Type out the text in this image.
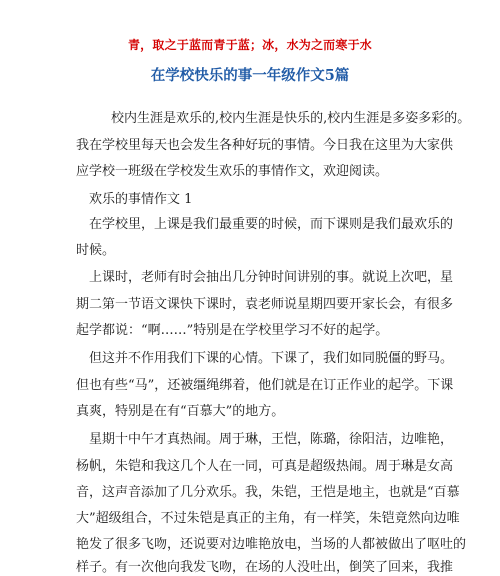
青，取之于蓝而青于蓝；冰，水为之而寒于水
在学校快乐的事一年级作文5篇
校内生涯是欢乐的,校内生涯是快乐的,校内生涯是多姿多彩的。
我在学校里每天也会发生各种好玩的事情。今日我在这里为大家供
应学校一班级在学校发生欢乐的事情作文，欢迎阅读。
欢乐的事情作文 1
在学校里，上课是我们最重要的时候，而下课则是我们最欢乐的
时候。
上课时，老师有时会抽出几分钟时间讲别的事。就说上次吧，星
期二第一节语文课快下课时，袁老师说星期四要开家长会，有很多
起学都说：“啊……”特别是在学校里学习不好的起学。
但这并不作用我们下课的心情。下课了，我们如同脱僵的野马。
但也有些“马”，还被缰绳绑着，他们就是在订正作业的起学。下课
真爽，特别是在有“百慕大”的地方。
星期十中午才真热闹。周于琳，王恺，陈璐，徐阳洁，边唯艳，
杨帆，朱铠和我这几个人在一同，可真是超级热闹。周于琳是女高
音，这声音添加了几分欢乐。我，朱铠，王恺是地主，也就是“百慕
大”超级组合，不过朱铠是真正的主角，有一样笑，朱铠竟然向边唯
艳发了很多飞吻，还说要对边唯艳放电，当场的人都被做出了呕吐的
样子。有一次他向我发飞吻，在场的人没吐出，倒笑了回来，我推
